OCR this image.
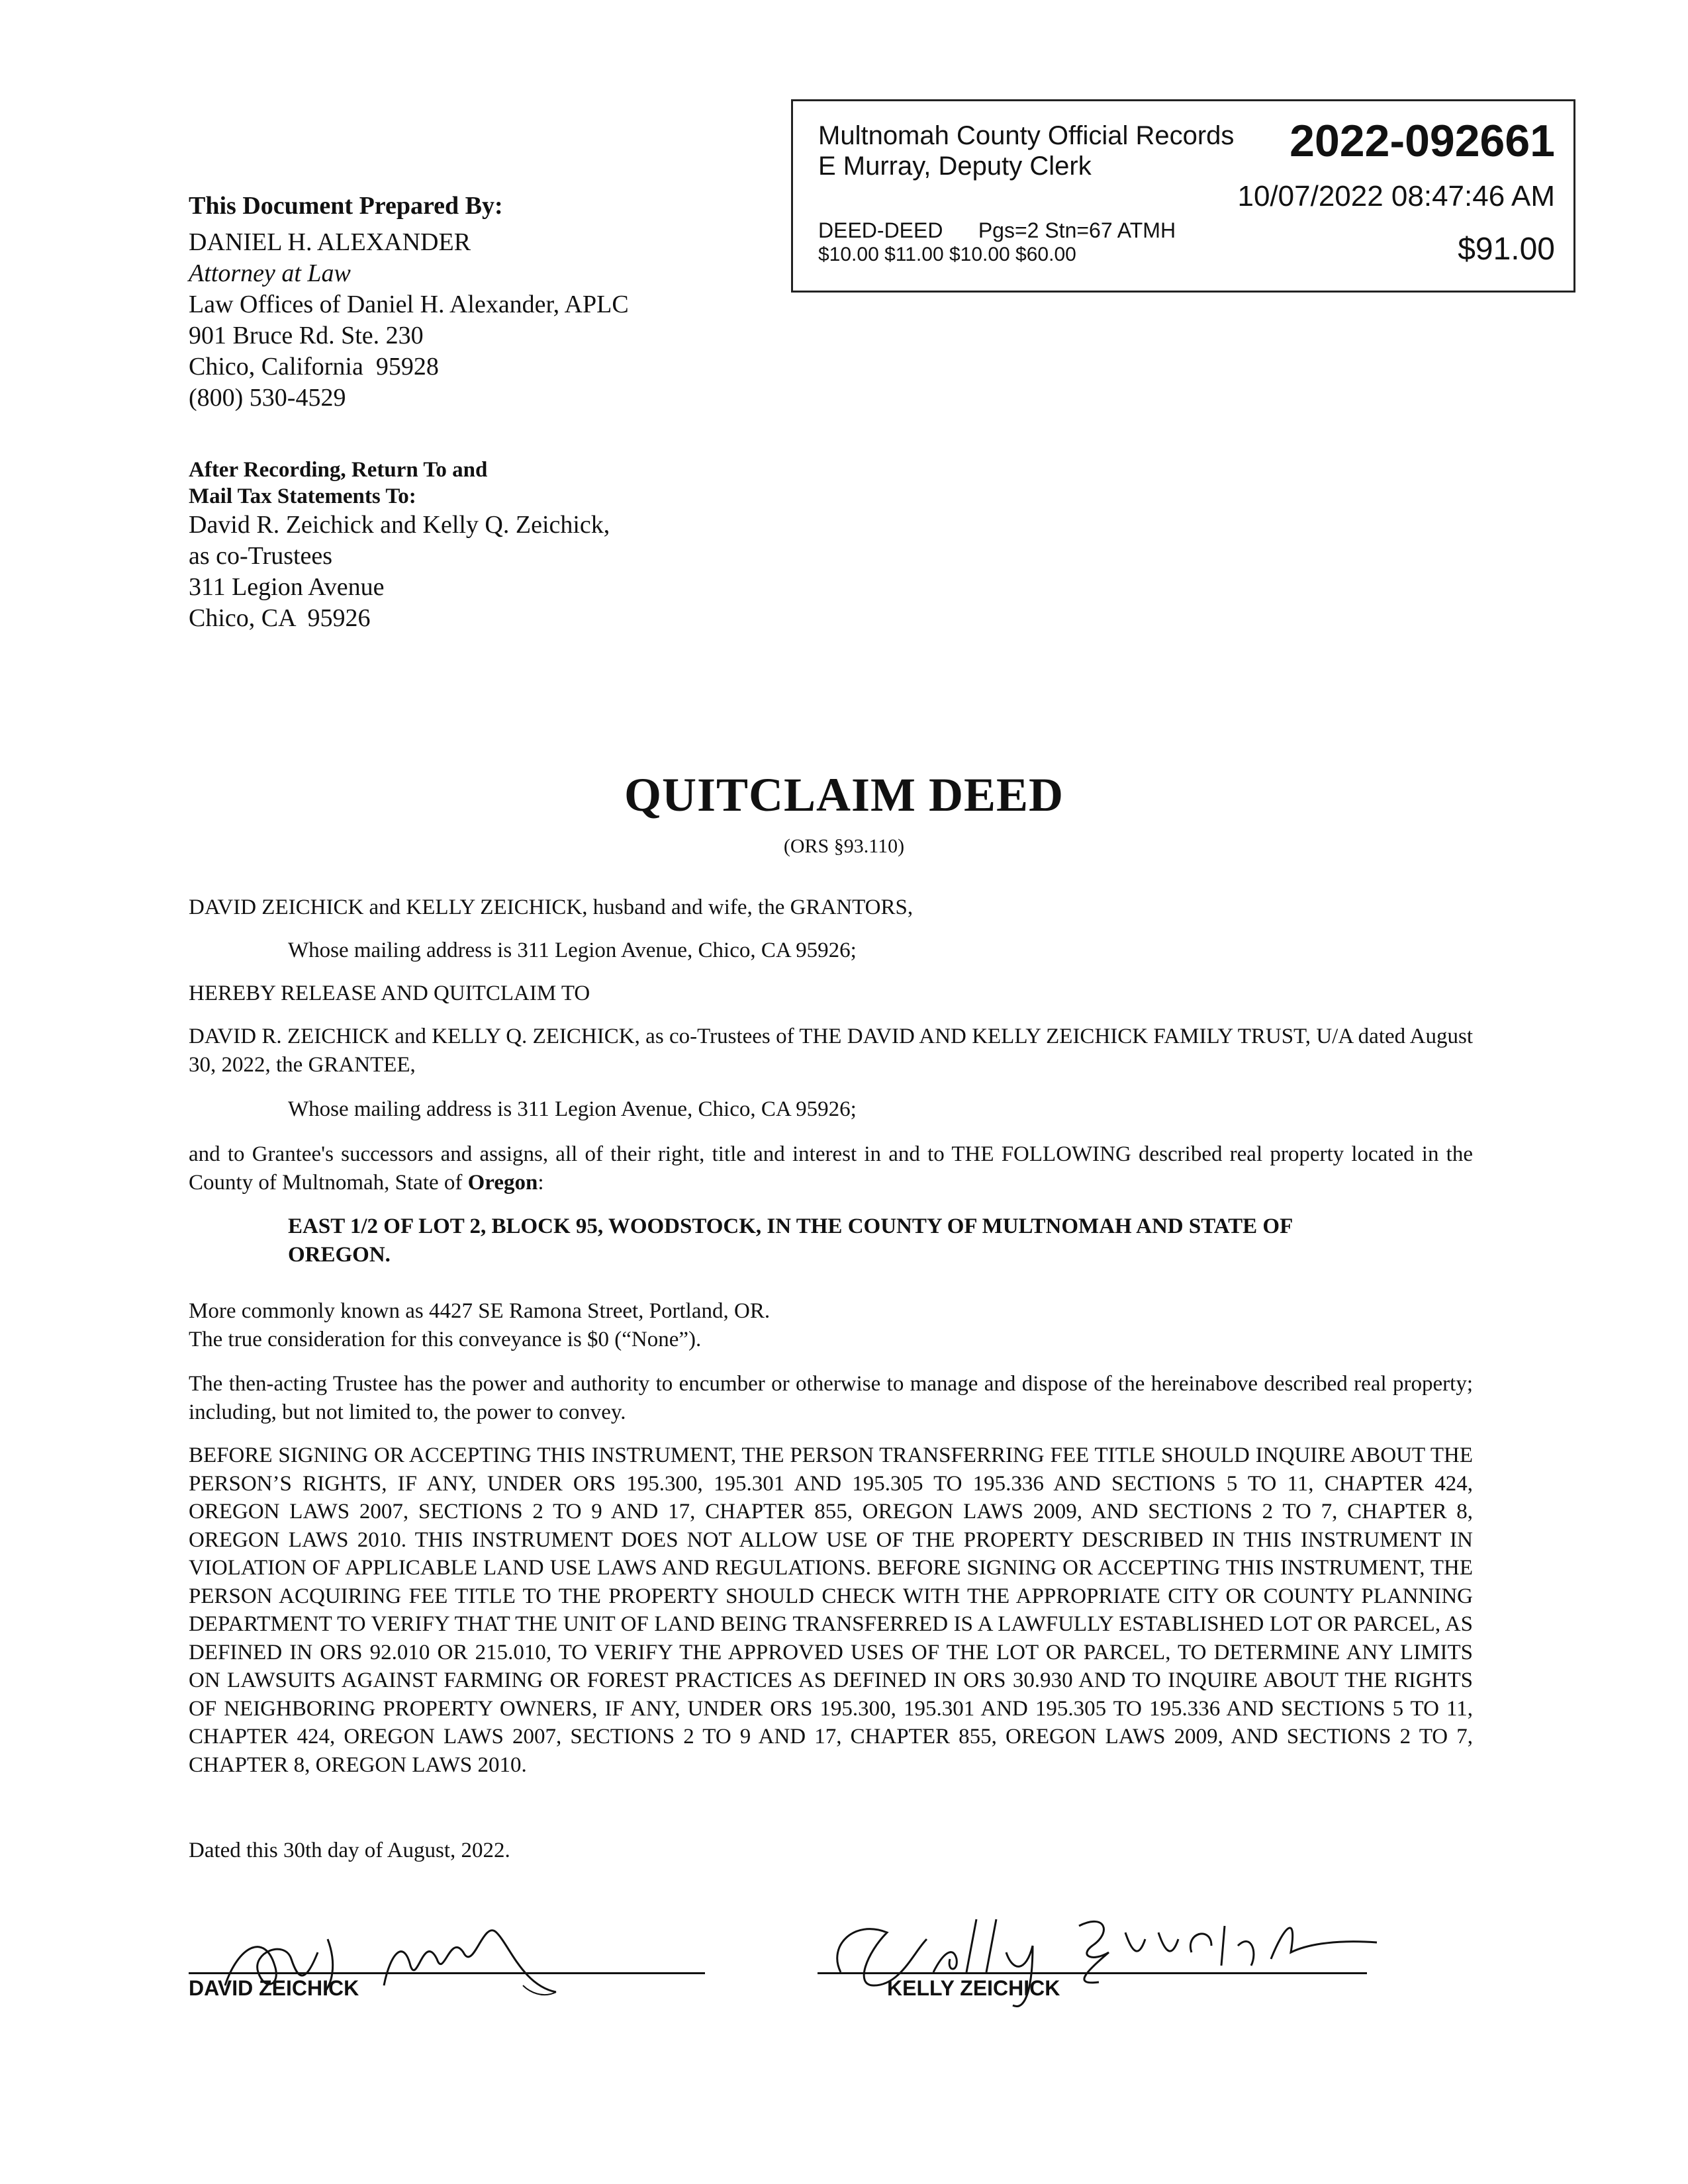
Multnomah County Official Records
E Murray, Deputy Clerk	2022-092661
10/07/2022 08:47:46 AM
DEED-DEED      Pgs=2 Stn=67 ATMH
$10.00 $11.00 $10.00 $60.00	$91.00
This Document Prepared By:
DANIEL H. ALEXANDER
Attorney at Law
Law Offices of Daniel H. Alexander, APLC
901 Bruce Rd. Ste. 230
Chico, California  95928
(800) 530-4529
After Recording, Return To and
Mail Tax Statements To:
David R. Zeichick and Kelly Q. Zeichick,
as co-Trustees
311 Legion Avenue
Chico, CA  95926
QUITCLAIM DEED
(ORS §93.110)
DAVID ZEICHICK and KELLY ZEICHICK, husband and wife, the GRANTORS,
Whose mailing address is 311 Legion Avenue, Chico, CA 95926;
HEREBY RELEASE AND QUITCLAIM TO
DAVID R. ZEICHICK and KELLY Q. ZEICHICK, as co-Trustees of THE DAVID AND KELLY ZEICHICK FAMILY TRUST, U/A dated August 30, 2022, the GRANTEE,
Whose mailing address is 311 Legion Avenue, Chico, CA 95926;
and to Grantee's successors and assigns, all of their right, title and interest in and to THE FOLLOWING described real property located in the County of Multnomah, State of Oregon:
EAST 1/2 OF LOT 2, BLOCK 95, WOODSTOCK, IN THE COUNTY OF MULTNOMAH AND STATE OF OREGON.
More commonly known as 4427 SE Ramona Street, Portland, OR.
The true consideration for this conveyance is $0 (“None”).
The then-acting Trustee has the power and authority to encumber or otherwise to manage and dispose of the hereinabove described real property; including, but not limited to, the power to convey.
BEFORE SIGNING OR ACCEPTING THIS INSTRUMENT, THE PERSON TRANSFERRING FEE TITLE SHOULD INQUIRE ABOUT THE PERSON’S RIGHTS, IF ANY, UNDER ORS 195.300, 195.301 AND 195.305 TO 195.336 AND SECTIONS 5 TO 11, CHAPTER 424, OREGON LAWS 2007, SECTIONS 2 TO 9 AND 17, CHAPTER 855, OREGON LAWS 2009, AND SECTIONS 2 TO 7, CHAPTER 8, OREGON LAWS 2010. THIS INSTRUMENT DOES NOT ALLOW USE OF THE PROPERTY DESCRIBED IN THIS INSTRUMENT IN VIOLATION OF APPLICABLE LAND USE LAWS AND REGULATIONS. BEFORE SIGNING OR ACCEPTING THIS INSTRUMENT, THE PERSON ACQUIRING FEE TITLE TO THE PROPERTY SHOULD CHECK WITH THE APPROPRIATE CITY OR COUNTY PLANNING DEPARTMENT TO VERIFY THAT THE UNIT OF LAND BEING TRANSFERRED IS A LAWFULLY ESTABLISHED LOT OR PARCEL, AS DEFINED IN ORS 92.010 OR 215.010, TO VERIFY THE APPROVED USES OF THE LOT OR PARCEL, TO DETERMINE ANY LIMITS ON LAWSUITS AGAINST FARMING OR FOREST PRACTICES AS DEFINED IN ORS 30.930 AND TO INQUIRE ABOUT THE RIGHTS OF NEIGHBORING PROPERTY OWNERS, IF ANY, UNDER ORS 195.300, 195.301 AND 195.305 TO 195.336 AND SECTIONS 5 TO 11, CHAPTER 424, OREGON LAWS 2007, SECTIONS 2 TO 9 AND 17, CHAPTER 855, OREGON LAWS 2009, AND SECTIONS 2 TO 7, CHAPTER 8, OREGON LAWS 2010.
Dated this 30th day of August, 2022.
DAVID ZEICHICK	KELLY ZEICHICK
